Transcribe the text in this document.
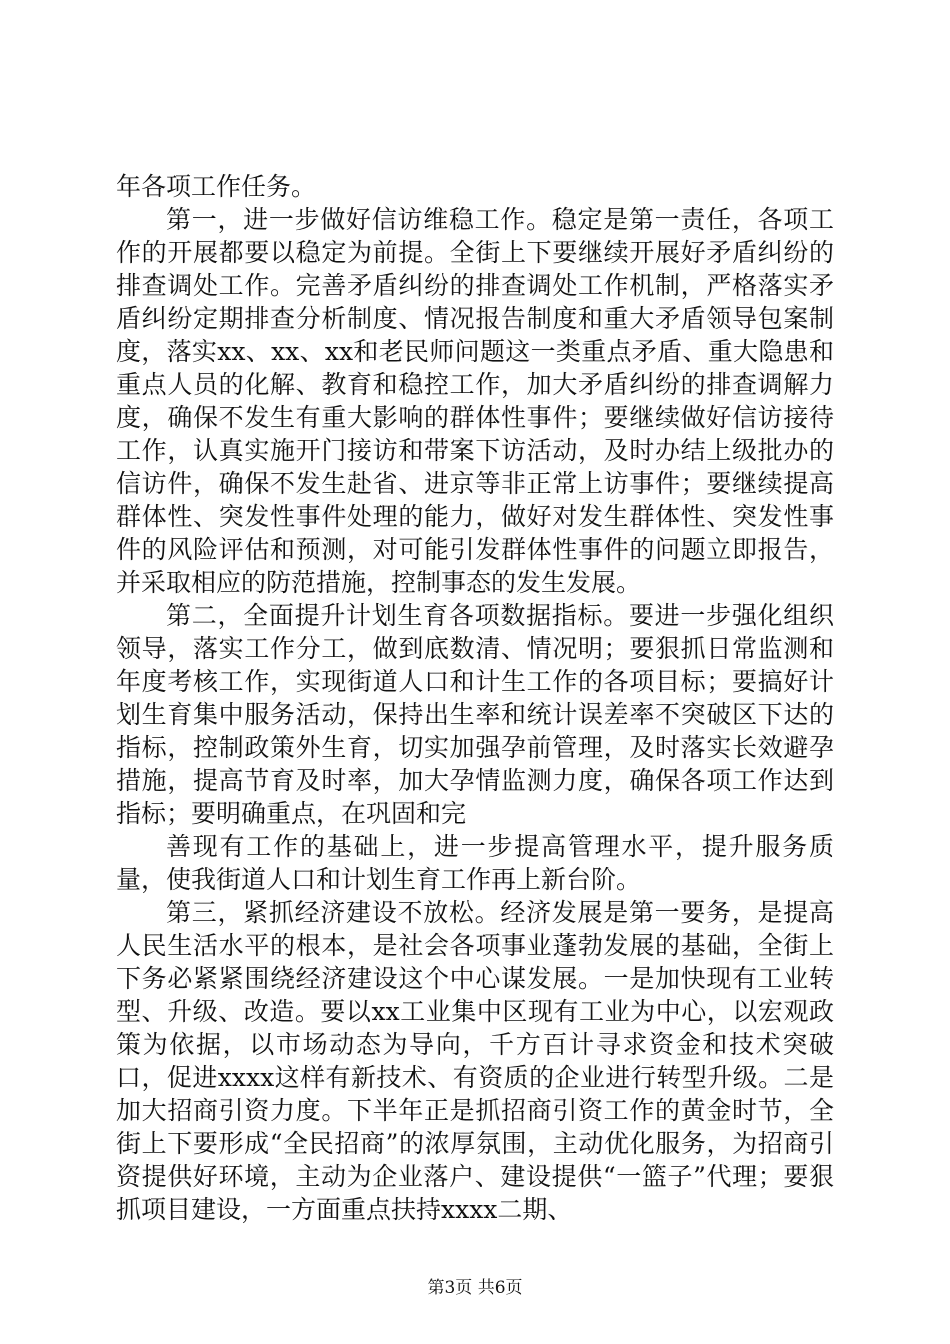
年各项工作任务。

第一，进一步做好信访维稳工作。稳定是第一责任，各项工作的开展都要以稳定为前提。全街上下要继续开展好矛盾纠纷的排查调处工作。完善矛盾纠纷的排查调处工作机制，严格落实矛盾纠纷定期排查分析制度、情况报告制度和重大矛盾领导包案制度，落实xx、xx、xx和老民师问题这一类重点矛盾、重大隐患和重点人员的化解、教育和稳控工作，加大矛盾纠纷的排查调解力度，确保不发生有重大影响的群体性事件；要继续做好信访接待工作，认真实施开门接访和带案下访活动，及时办结上级批办的信访件，确保不发生赴省、进京等非正常上访事件；要继续提高群体性、突发性事件处理的能力，做好对发生群体性、突发性事件的风险评估和预测，对可能引发群体性事件的问题立即报告，并采取相应的防范措施，控制事态的发生发展。

第二，全面提升计划生育各项数据指标。要进一步强化组织领导，落实工作分工，做到底数清、情况明；要狠抓日常监测和年度考核工作，实现街道人口和计生工作的各项目标；要搞好计划生育集中服务活动，保持出生率和统计误差率不突破区下达的指标，控制政策外生育，切实加强孕前管理，及时落实长效避孕措施，提高节育及时率，加大孕情监测力度，确保各项工作达到指标；要明确重点，在巩固和完

善现有工作的基础上，进一步提高管理水平，提升服务质量，使我街道人口和计划生育工作再上新台阶。

第三，紧抓经济建设不放松。经济发展是第一要务，是提高人民生活水平的根本，是社会各项事业蓬勃发展的基础，全街上下务必紧紧围绕经济建设这个中心谋发展。一是加快现有工业转型、升级、改造。要以xx工业集中区现有工业为中心，以宏观政策为依据，以市场动态为导向，千方百计寻求资金和技术突破口，促进xxxx这样有新技术、有资质的企业进行转型升级。二是加大招商引资力度。下半年正是抓招商引资工作的黄金时节，全街上下要形成“全民招商”的浓厚氛围，主动优化服务，为招商引资提供好环境，主动为企业落户、建设提供“一篮子”代理；要狠抓项目建设，一方面重点扶持xxxx二期、

第3页 共6页
